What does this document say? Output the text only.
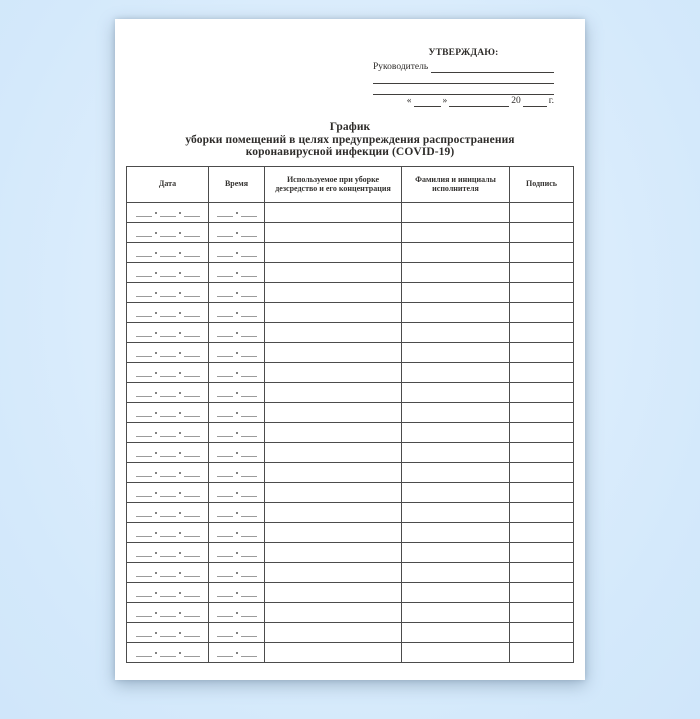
УТВЕРЖДАЮ:
Руководитель
«	»	20	г.
График
уборки помещений в целях предупреждения распространения
коронавирусной инфекции (COVID-19)
Дата	Время	Используемое при уборке дезсредство и его концентрация	Фамилия и инициалы исполнителя	Подпись
